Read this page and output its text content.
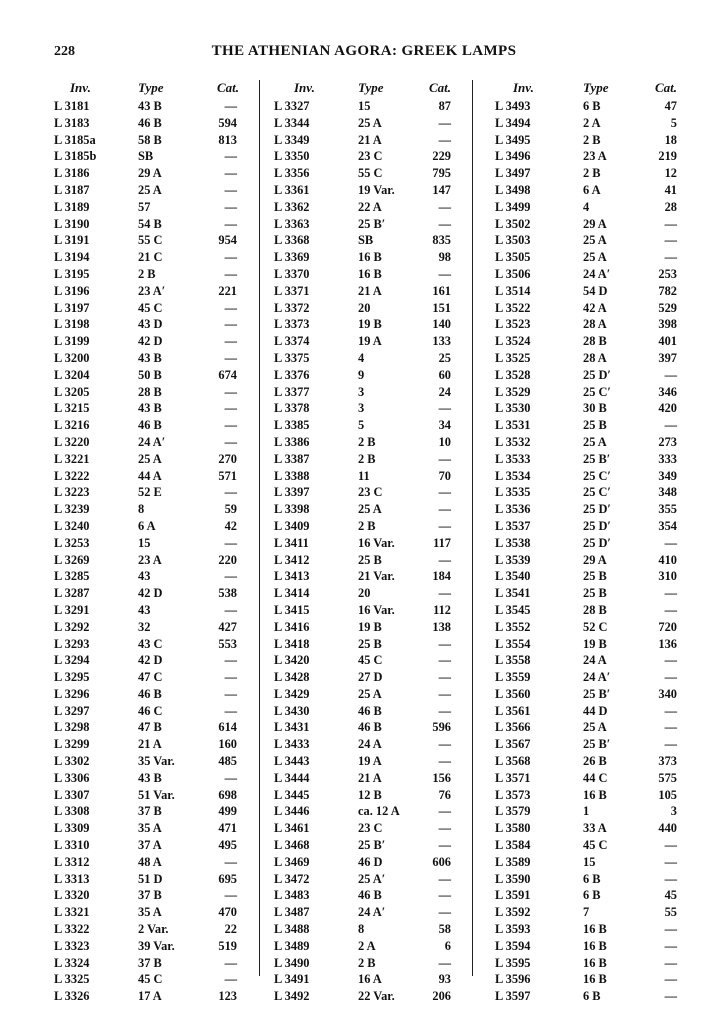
228	THE ATHENIAN AGORA: GREEK LAMPS
Inv.	Type	Cat.
L 3181	43 B	—
L 3183	46 B	594
L 3185a	58 B	813
L 3185b	SB	—
L 3186	29 A	—
L 3187	25 A	—
L 3189	57	—
L 3190	54 B	—
L 3191	55 C	954
L 3194	21 C	—
L 3195	2 B	—
L 3196	23 A′	221
L 3197	45 C	—
L 3198	43 D	—
L 3199	42 D	—
L 3200	43 B	—
L 3204	50 B	674
L 3205	28 B	—
L 3215	43 B	—
L 3216	46 B	—
L 3220	24 A′	—
L 3221	25 A	270
L 3222	44 A	571
L 3223	52 E	—
L 3239	8	59
L 3240	6 A	42
L 3253	15	—
L 3269	23 A	220
L 3285	43	—
L 3287	42 D	538
L 3291	43	—
L 3292	32	427
L 3293	43 C	553
L 3294	42 D	—
L 3295	47 C	—
L 3296	46 B	—
L 3297	46 C	—
L 3298	47 B	614
L 3299	21 A	160
L 3302	35 Var.	485
L 3306	43 B	—
L 3307	51 Var.	698
L 3308	37 B	499
L 3309	35 A	471
L 3310	37 A	495
L 3312	48 A	—
L 3313	51 D	695
L 3320	37 B	—
L 3321	35 A	470
L 3322	2 Var.	22
L 3323	39 Var.	519
L 3324	37 B	—
L 3325	45 C	—
L 3326	17 A	123
Inv.	Type	Cat.
L 3327	15	87
L 3344	25 A	—
L 3349	21 A	—
L 3350	23 C	229
L 3356	55 C	795
L 3361	19 Var.	147
L 3362	22 A	—
L 3363	25 B′	—
L 3368	SB	835
L 3369	16 B	98
L 3370	16 B	—
L 3371	21 A	161
L 3372	20	151
L 3373	19 B	140
L 3374	19 A	133
L 3375	4	25
L 3376	9	60
L 3377	3	24
L 3378	3	—
L 3385	5	34
L 3386	2 B	10
L 3387	2 B	—
L 3388	11	70
L 3397	23 C	—
L 3398	25 A	—
L 3409	2 B	—
L 3411	16 Var.	117
L 3412	25 B	—
L 3413	21 Var.	184
L 3414	20	—
L 3415	16 Var.	112
L 3416	19 B	138
L 3418	25 B	—
L 3420	45 C	—
L 3428	27 D	—
L 3429	25 A	—
L 3430	46 B	—
L 3431	46 B	596
L 3433	24 A	—
L 3443	19 A	—
L 3444	21 A	156
L 3445	12 B	76
L 3446	ca. 12 A	—
L 3461	23 C	—
L 3468	25 B′	—
L 3469	46 D	606
L 3472	25 A′	—
L 3483	46 B	—
L 3487	24 A′	—
L 3488	8	58
L 3489	2 A	6
L 3490	2 B	—
L 3491	16 A	93
L 3492	22 Var.	206
Inv.	Type	Cat.
L 3493	6 B	47
L 3494	2 A	5
L 3495	2 B	18
L 3496	23 A	219
L 3497	2 B	12
L 3498	6 A	41
L 3499	4	28
L 3502	29 A	—
L 3503	25 A	—
L 3505	25 A	—
L 3506	24 A′	253
L 3514	54 D	782
L 3522	42 A	529
L 3523	28 A	398
L 3524	28 B	401
L 3525	28 A	397
L 3528	25 D′	—
L 3529	25 C′	346
L 3530	30 B	420
L 3531	25 B	—
L 3532	25 A	273
L 3533	25 B′	333
L 3534	25 C′	349
L 3535	25 C′	348
L 3536	25 D′	355
L 3537	25 D′	354
L 3538	25 D′	—
L 3539	29 A	410
L 3540	25 B	310
L 3541	25 B	—
L 3545	28 B	—
L 3552	52 C	720
L 3554	19 B	136
L 3558	24 A	—
L 3559	24 A′	—
L 3560	25 B′	340
L 3561	44 D	—
L 3566	25 A	—
L 3567	25 B′	—
L 3568	26 B	373
L 3571	44 C	575
L 3573	16 B	105
L 3579	1	3
L 3580	33 A	440
L 3584	45 C	—
L 3589	15	—
L 3590	6 B	—
L 3591	6 B	45
L 3592	7	55
L 3593	16 B	—
L 3594	16 B	—
L 3595	16 B	—
L 3596	16 B	—
L 3597	6 B	—
